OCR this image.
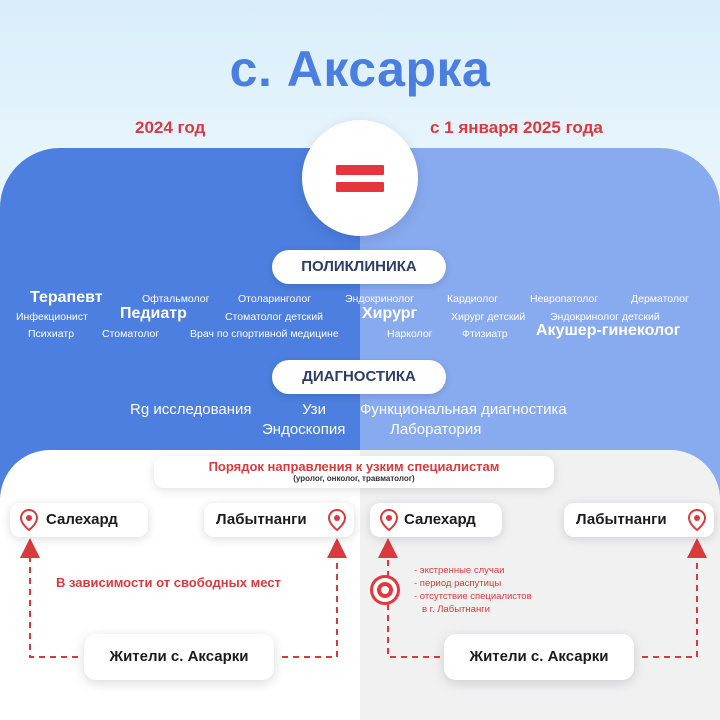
с. Аксарка
2024 год	с 1 января 2025 года
ПОЛИКЛИНИКА
Терапевт	Офтальмолог	Отоларинголог	Эндокринолог	Кардиолог	Невропатолог	Дерматолог
Инфекционист Педиатр	Стоматолог детский Хирург	Хирург детский Эндокринолог детский
Психиатр	Стоматолог	Врач по спортивной медицине	Нарколог	Фтизиатр Акушер-гинеколог
ДИАГНОСТИКА
Rg исследования	Узи Функциональная диагностика
Эндоскопия	Лаборатория
Порядок направления к узким специалистам
(уролог, онколог, травматолог)
Салехард	Лабытнанги	Салехард	Лабытнанги
В зависимости от свободных мест
- экстренные случаи
- период распутицы
- отсутствие специалистов
в г. Лабытнанги
Жители с. Аксарки	Жители с. Аксарки
